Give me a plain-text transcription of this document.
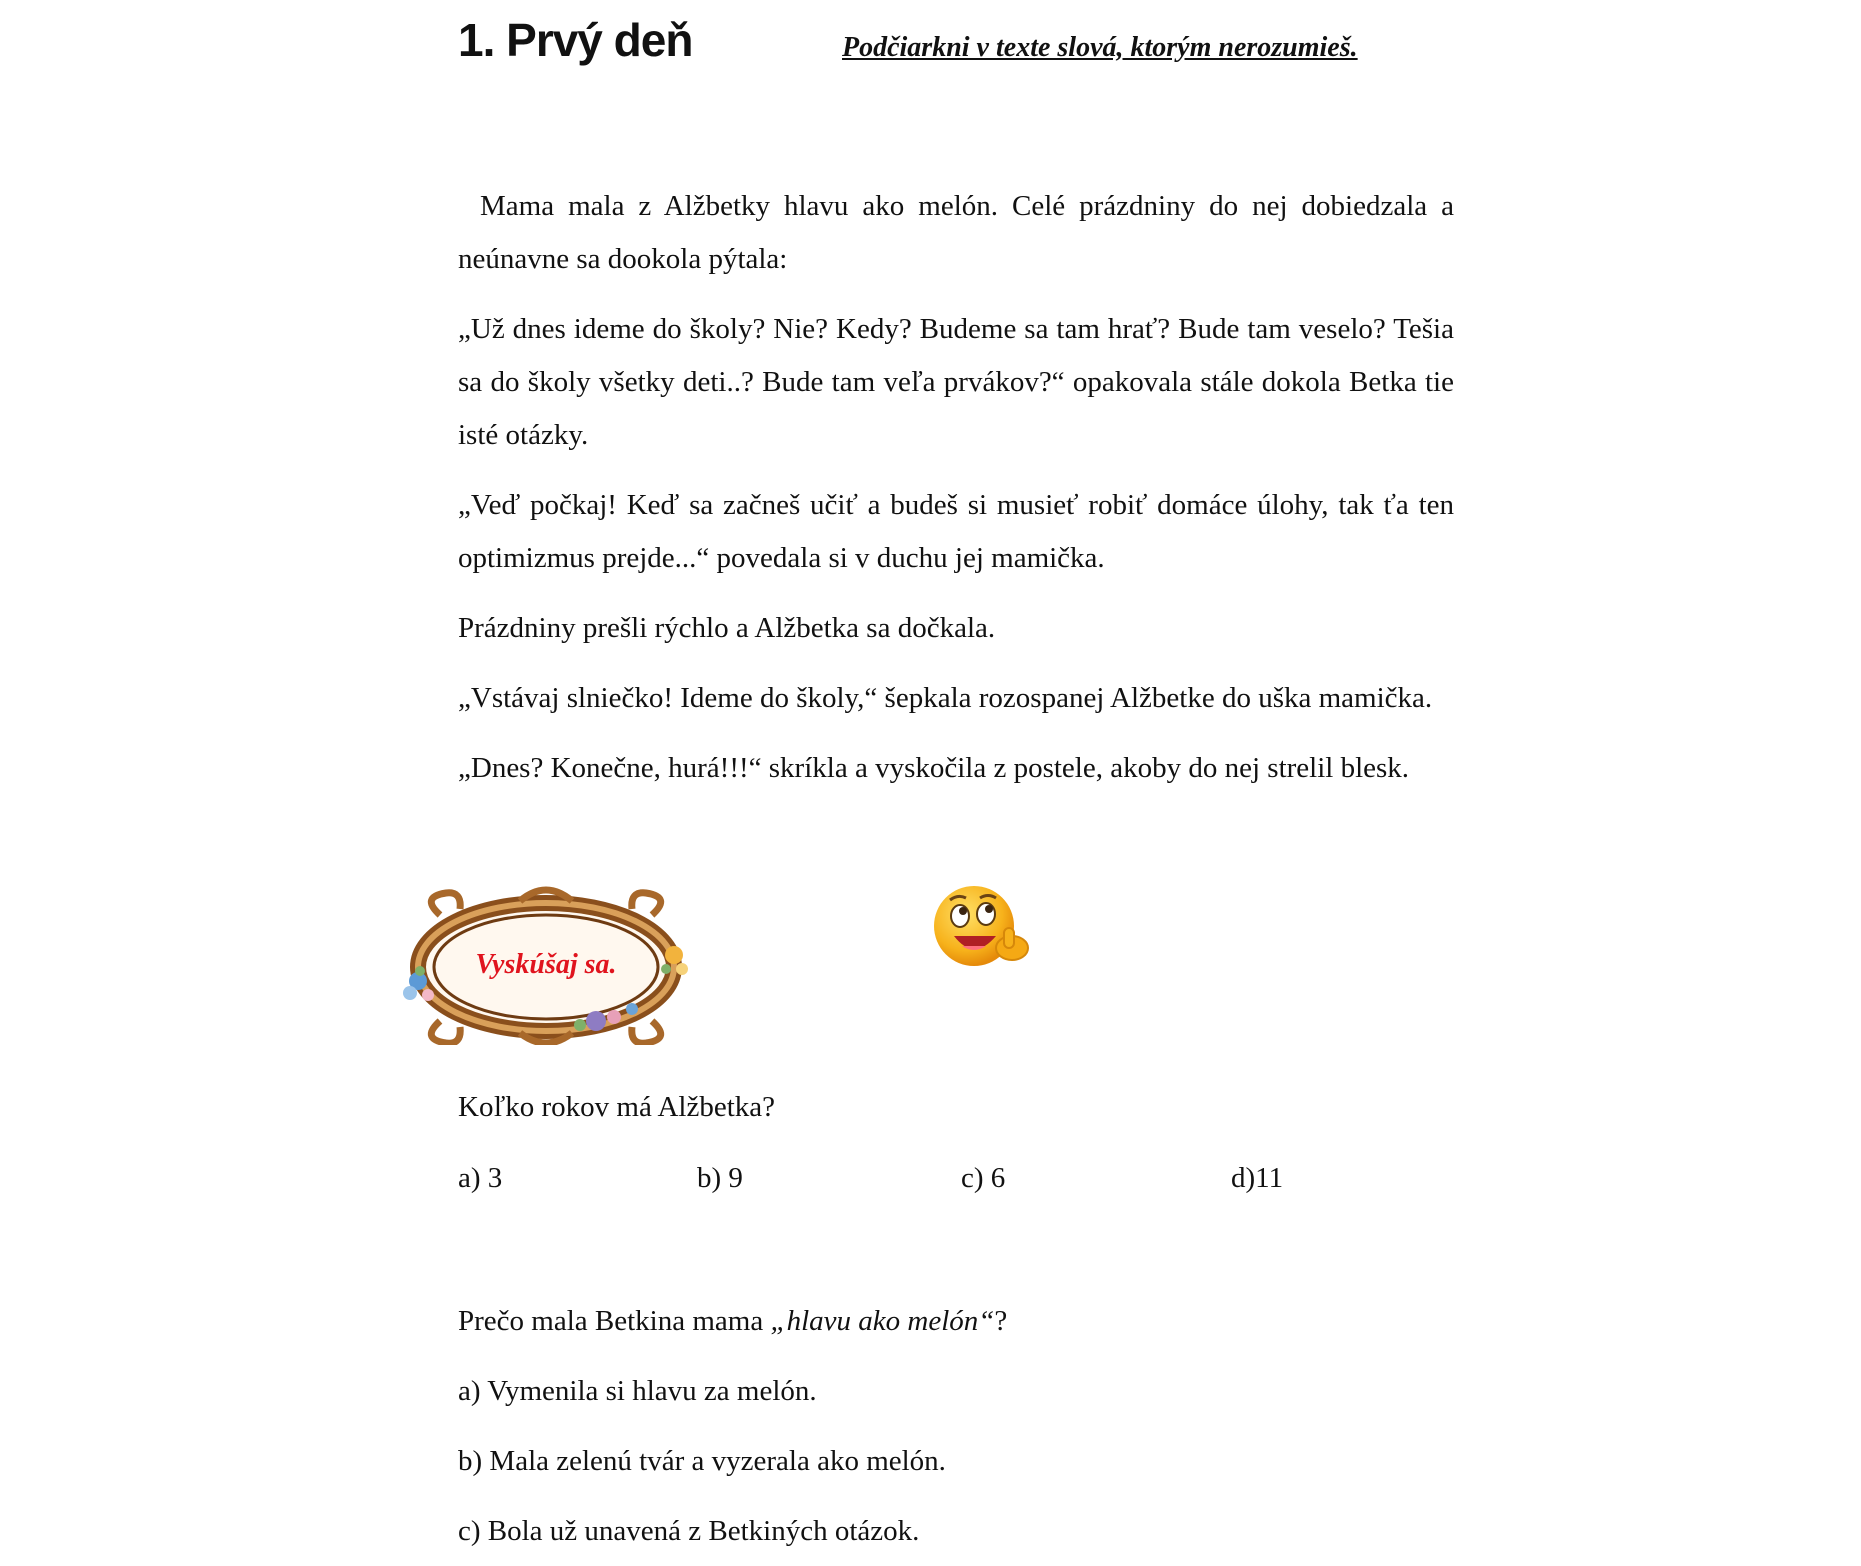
1. Prvý deň	Podčiarkni v texte slová, ktorým nerozumieš.

Mama mala z Alžbetky hlavu ako melón. Celé prázdniny do nej dobiedzala a neúnavne sa dookola pýtala:

„Už dnes ideme do školy? Nie? Kedy? Budeme sa tam hrať? Bude tam veselo? Tešia sa do školy všetky deti..? Bude tam veľa prvákov?“ opakovala stále dokola Betka tie isté otázky.

„Veď počkaj! Keď sa začneš učiť a budeš si musieť robiť domáce úlohy, tak ťa ten optimizmus prejde...“ povedala si v duchu jej mamička.

Prázdniny prešli rýchlo a Alžbetka sa dočkala.

„Vstávaj slniečko! Ideme do školy,“ šepkala rozospanej Alžbetke do uška mamička.

„Dnes? Konečne, hurá!!!“ skríkla a vyskočila z postele, akoby do nej strelil blesk.

Vyskúšaj sa.
Koľko rokov má Alžbetka?
a) 3	b) 9	c) 6	d)11
Prečo mala Betkina mama „hlavu ako melón“?
a) Vymenila si hlavu za melón.
b) Mala zelenú tvár a vyzerala ako melón.
c) Bola už unavená z Betkiných otázok.
